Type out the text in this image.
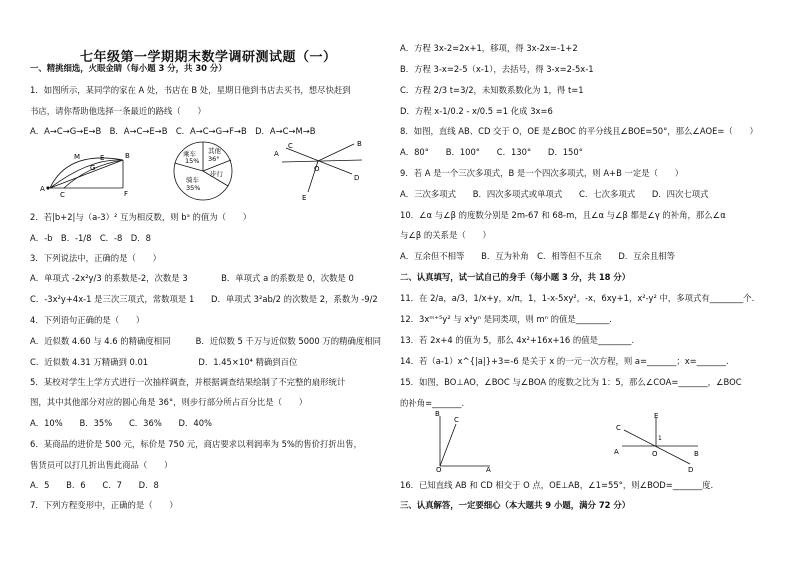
七年级第一学期期末数学调研测试题（一）
一、精挑细选，火眼金睛（每小题 3 分，共 30 分）
1．如图所示，某同学的家在 A 处，书店在 B 处，星期日他到书店去买书，想尽快赶到
书店，请你帮助他选择一条最近的路线（　　）
A．A→C→G→E→B　B．A→C→E→B　C．A→C→G→F→B　D．A→C→M→B
2．若|b+2|与（a-3）² 互为相反数，则 bᵃ 的值为（　　）
A．-b　B．-1/8　C．-8　D．8
3．下列说法中，正确的是（　　）
A．单项式 -2x²y/3 的系数是-2，次数是 3　　　　B．单项式 a 的系数是 0，次数是 0
C．-3x²y+4x-1 是三次三项式，常数项是 1　　D．单项式 3²ab/2 的次数是 2，系数为 -9/2
4．下列语句正确的是（　　）
A．近似数 4.60 与 4.6 的精确度相同　　　B．近似数 5 千万与近似数 5000 万的精确度相同
C．近似数 4.31 万精确到 0.01　　　　　　D．1.45×10⁴ 精确到百位
5．某校对学生上学方式进行一次抽样调查，并根据调查结果绘制了不完整的扇形统计
图，其中其他部分对应的圆心角是 36°，则步行部分所占百分比是（　　）
A．10%　　B．35%　　C．36%　　D．40%
6．某商品的进价是 500 元，标价是 750 元，商店要求以利润率为 5%的售价打折出售，
售货员可以打几折出售此商品（　　）
A．5　　B．6　　C．7　　D．8
7．下列方程变形中，正确的是（　　）
A
C
M
G
E
F
B	乘车
15%
其他
36°
步行
骑车
35%
A
B
C
D
E
O
A．方程 3x-2=2x+1，移项，得 3x-2x=-1+2
B．方程 3-x=2-5（x-1），去括号，得 3-x=2-5x-1
C．方程 2/3 t=3/2，未知数系数化为 1，得 t=1
D．方程 x-1/0.2 - x/0.5 =1 化成 3x=6
8．如图，直线 AB、CD 交于 O，OE 是∠BOC 的平分线且∠BOE=50°，那么∠AOE=（　　）
A．80°　　B．100°　　C．130°　　D．150°
9．若 A 是一个三次多项式，B 是一个四次多项式，则 A+B 一定是（　　）
A．三次多项式　　B．四次多项式或单项式　　C．七次多项式　　D．四次七项式
10．∠α 与∠β 的度数分别是 2m-67 和 68-m，且∠α 与∠β 都是∠γ 的补角，那么∠α
与∠β 的关系是（　　）
A．互余但不相等　　B．互为补角　C．相等但不互余　　D．互余且相等
二、认真填写，试一试自己的身手（每小题 3 分，共 18 分）
11．在 2/a，a/3，1/x+y，x/π，1，1-x-5xy²，-x，6xy+1，x²-y² 中，多项式有________个.
12．3xᵐ⁺⁵y² 与 x³yⁿ 是同类项，则 mⁿ 的值是________.
13．若 2x+4 的值为 5，那么 4x²+16x+16 的值是________.
14．若（a-1）x^{|a|}+3=-6 是关于 x 的一元一次方程，则 a=_______；x=_______.
15．如图，BO⊥AO，∠BOC 与∠BOA 的度数之比为 1：5，那么∠COA=_______，∠BOC
的补角=_______.
16．已知直线 AB 和 CD 相交于 O 点，OE⊥AB，∠1=55°，则∠BOD=_______度.
三、认真解答，一定要细心（本大题共 9 小题，满分 72 分）
B
C
O	A
E
C
A	O
D
B
1
